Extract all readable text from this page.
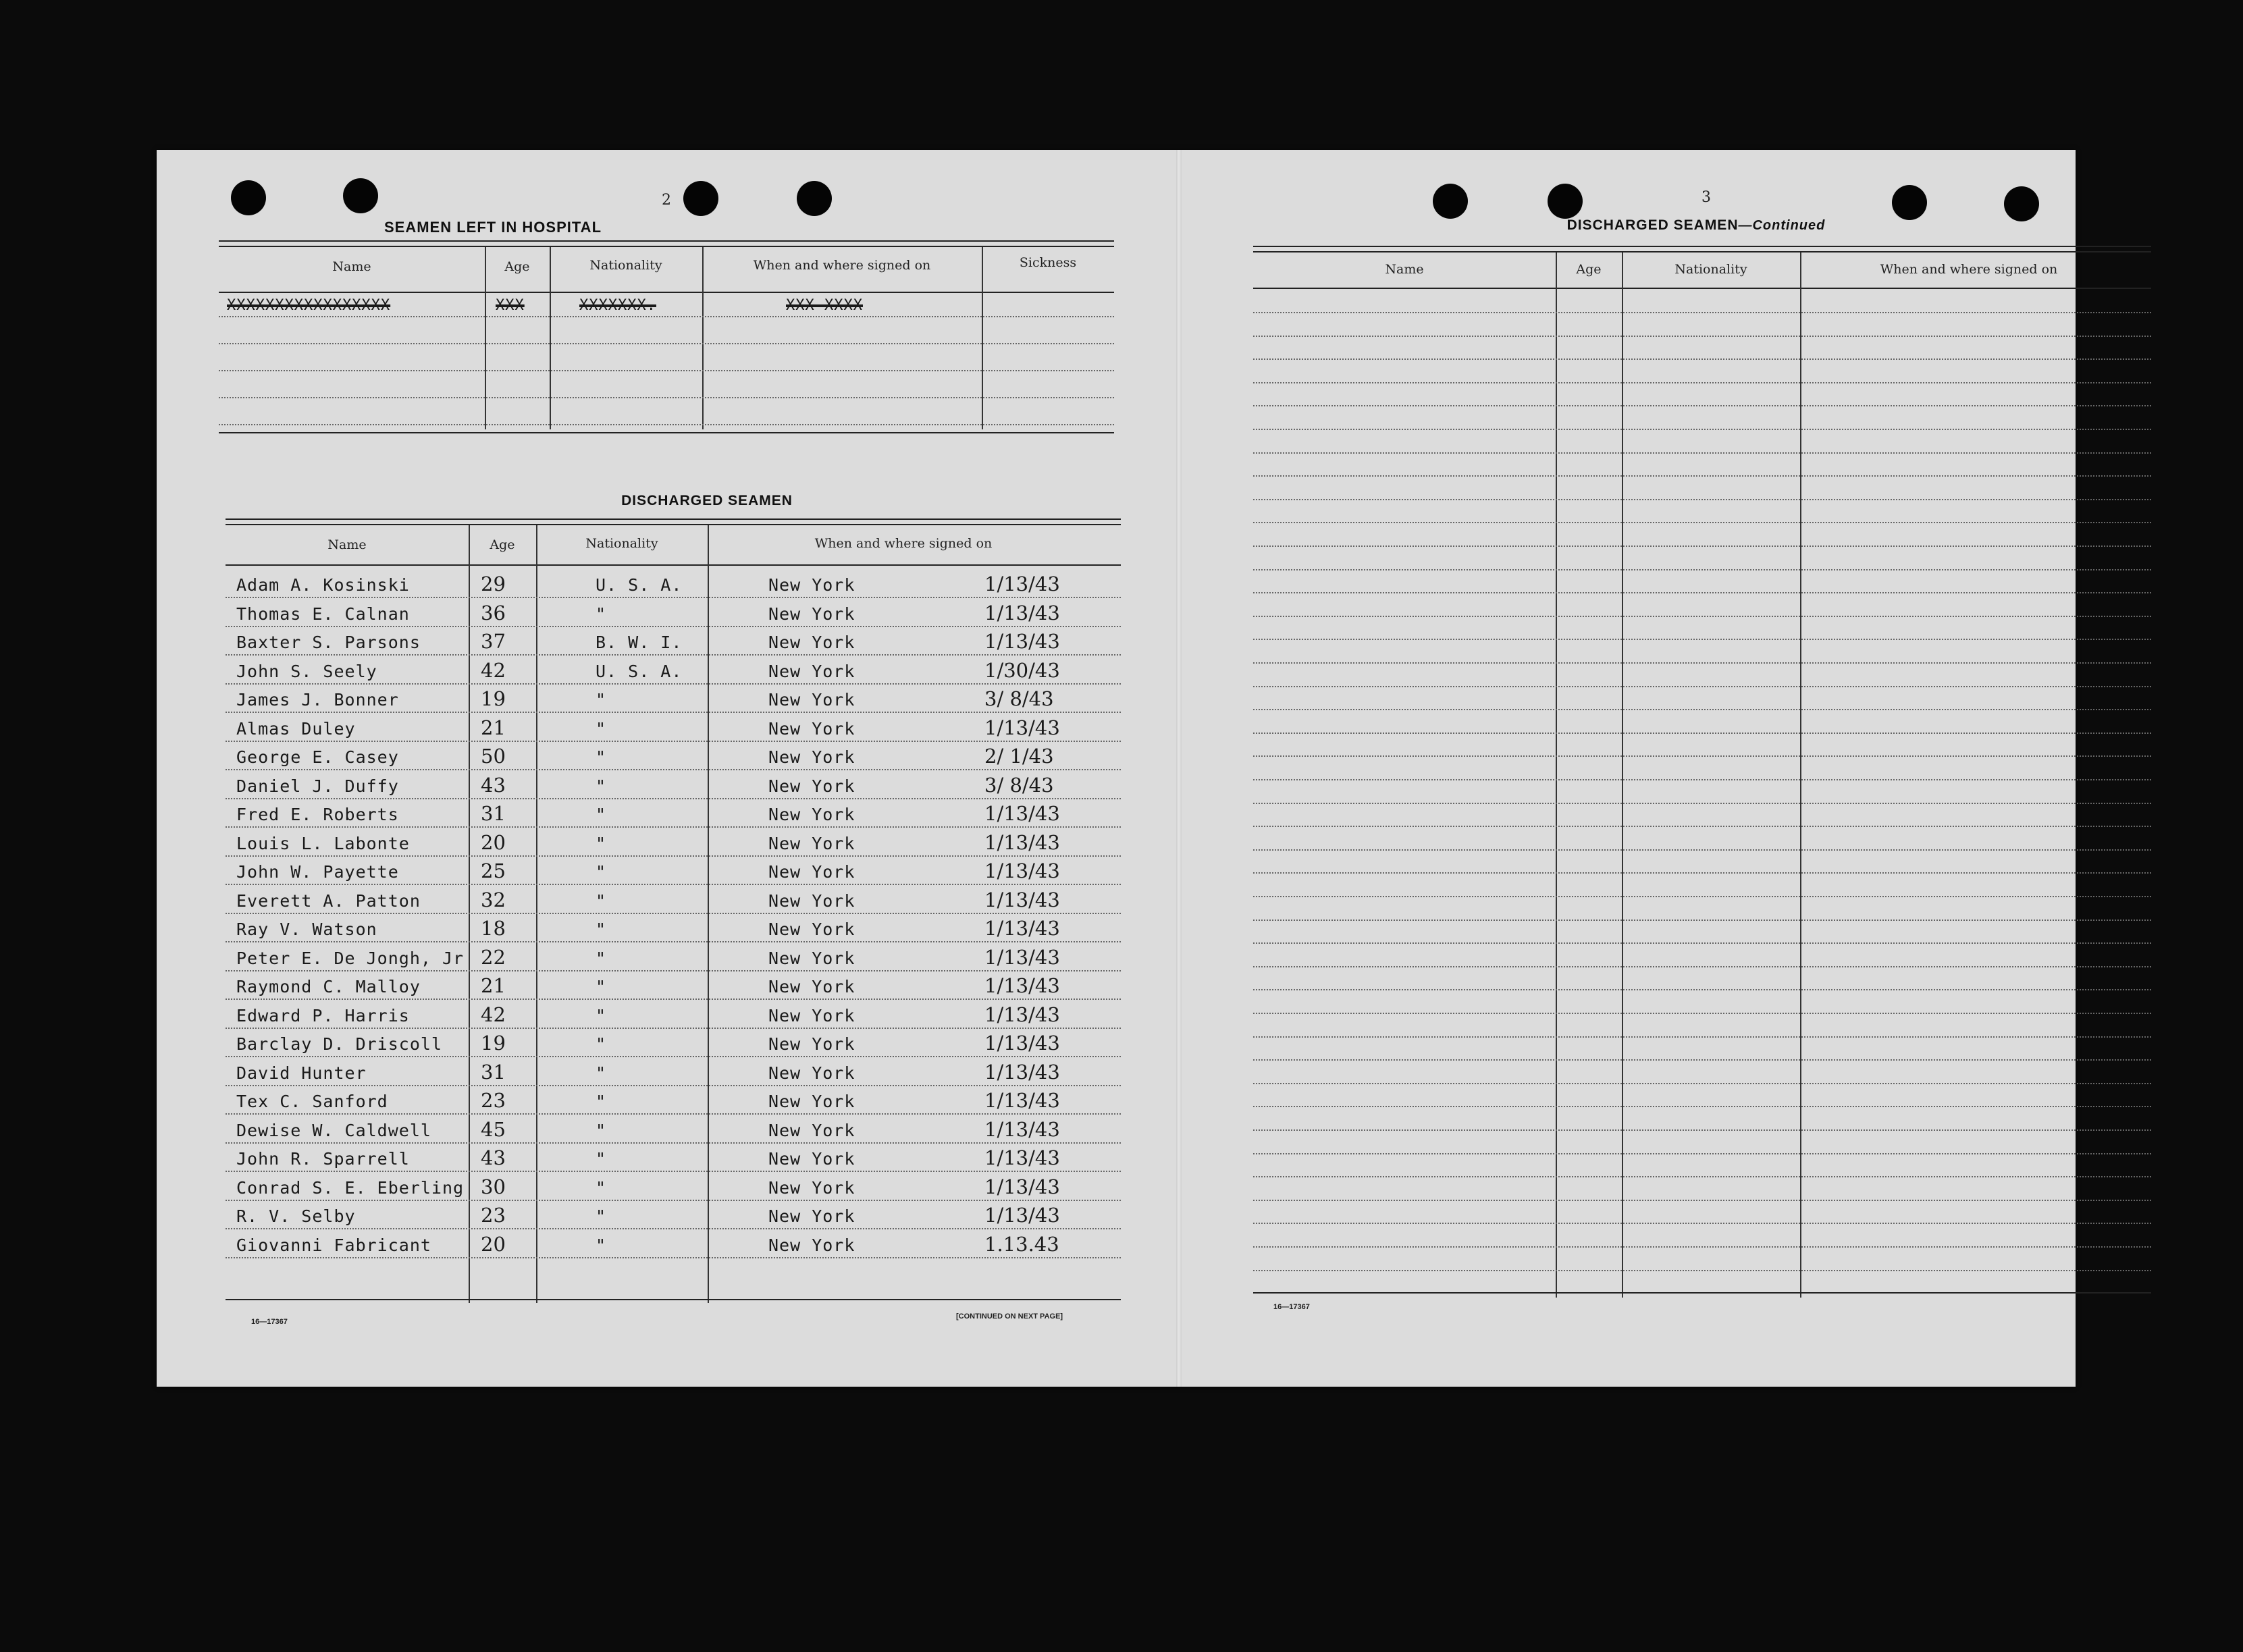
2
SEAMEN LEFT IN HOSPITAL
Name	Age	Nationality	When and where signed on	Sickness
XXXXXXXXXXXXXXXXX	XXX	XXXXXXX.	XXX XXXX
DISCHARGED SEAMEN
Name	Age	Nationality	When and where signed on
Adam A. Kosinski	29	U. S. A.	New York	1/13/43
Thomas E. Calnan	36	"	New York	1/13/43
Baxter S. Parsons	37	B. W. I.	New York	1/13/43
John S. Seely	42	U. S. A.	New York	1/30/43
James J. Bonner	19	"	New York	3/ 8/43
Almas Duley	21	"	New York	1/13/43
George E. Casey	50	"	New York	2/ 1/43
Daniel J. Duffy	43	"	New York	3/ 8/43
Fred E. Roberts	31	"	New York	1/13/43
Louis L. Labonte	20	"	New York	1/13/43
John W. Payette	25	"	New York	1/13/43
Everett A. Patton	32	"	New York	1/13/43
Ray V. Watson	18	"	New York	1/13/43
Peter E. De Jongh, Jr 22	"	New York	1/13/43
Raymond C. Malloy	21	"	New York	1/13/43
Edward P. Harris	42	"	New York	1/13/43
Barclay D. Driscoll 19	"	New York	1/13/43
David Hunter	31	"	New York	1/13/43
Tex C. Sanford	23	"	New York	1/13/43
Dewise W. Caldwell	45	"	New York	1/13/43
John R. Sparrell	43	"	New York	1/13/43
Conrad S. E. Eberling 30	"	New York	1/13/43
R. V. Selby	23	"	New York	1/13/43
Giovanni Fabricant	20	"	New York	1.13.43
16—17367
[CONTINUED ON NEXT PAGE]
3
DISCHARGED SEAMEN—Continued
Name	Age	Nationality	When and where signed on
16—17367
